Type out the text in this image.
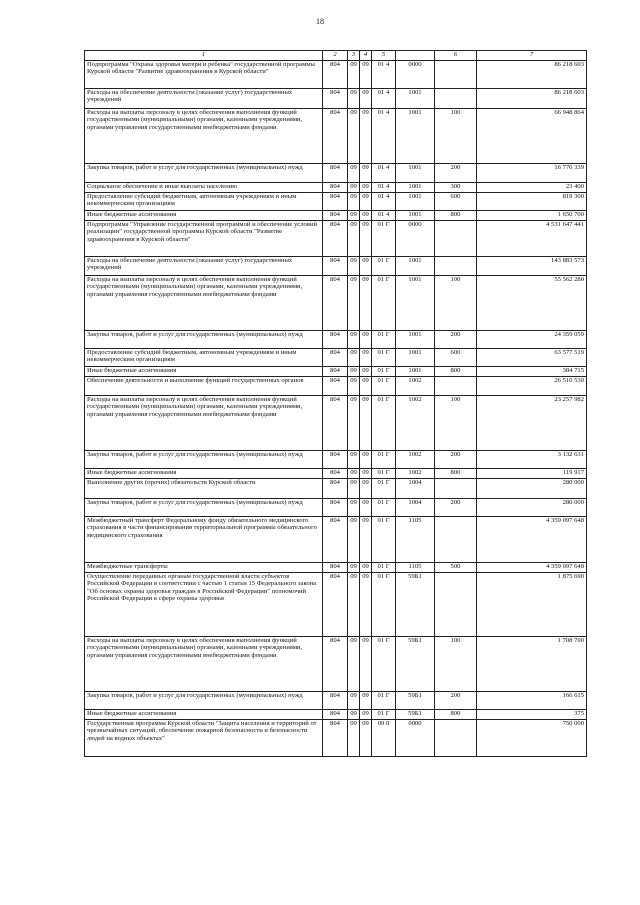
18
1	2	3	4	5		6	7
Подпрограмма "Охрана здоровья матери и ребенка" государственной программы Курской области "Развитие здравоохранения в Курской области"	804	09	09	01 4	0000		86 218 603
Расходы на обеспечение деятельности (оказание услуг) государственных учреждений	804	09	09	01 4	1001		86 218 603
Расходы на выплаты персоналу в целях обеспечения выполнения функций государственными (муниципальными) органами, казенными учреждениями, органами управления государственными внебюджетными фондами	804	09	09	01 4	1001	100	66 948 864
Закупка товаров, работ и услуг для государственных (муниципальных) нужд	804	09	09	01 4	1001	200	16 776 339
Социальное обеспечение и иные выплаты населению	804	09	09	01 4	1001	300	23 400
Предоставление субсидий бюджетным, автономным учреждениям и иным некоммерческим организациям	804	09	09	01 4	1001	600	819 300
Иные бюджетные ассигнования	804	09	09	01 4	1001	800	1 650 700
Подпрограмма "Управление государственной программой и обеспечение условий реализации" государственной программы Курской области "Развитие здравоохранения в Курской области"	804	09	09	01 Г	0000		4 531 647 441
Расходы на обеспечение деятельности (оказание услуг) государственных учреждений	804	09	09	01 Г	1001		143 883 573
Расходы на выплаты персоналу в целях обеспечения выполнения функций государственными (муниципальными) органами, казенными учреждениями, органами управления государственными внебюджетными фондами	804	09	09	01 Г	1001	100	55 562 280
Закупка товаров, работ и услуг для государственных (муниципальных) нужд	804	09	09	01 Г	1001	200	24 359 059
Предоставление субсидий бюджетным, автономным учреждениям и иным некоммерческим организациям	804	09	09	01 Г	1001	600	63 577 519
Иные бюджетные ассигнования	804	09	09	01 Г	1001	800	384 715
Обеспечение деятельности и выполнение функций государственных органов	804	09	09	01 Г	1002		26 510 530
Расходы на выплаты персоналу в целях обеспечения выполнения функций государственными (муниципальными) органами, казенными учреждениями, органами управления государственными внебюджетными фондами	804	09	09	01 Г	1002	100	23 257 982
Закупка товаров, работ и услуг для государственных (муниципальных) нужд	804	09	09	01 Г	1002	200	3 132 631
Иные бюджетные ассигнования	804	09	09	01 Г	1002	800	119 917
Выполнение других (прочих) обязательств Курской области	804	09	09	01 Г	1004		280 000
Закупка товаров, работ и услуг для государственных (муниципальных) нужд	804	09	09	01 Г	1004	200	280 000
Межбюджетный трансферт Федеральному фонду обязательного медицинского страхования в части финансирования территориальной программы обязательного медицинского страхования	804	09	09	01 Г	1105		4 359 097 648
Межбюджетные трансферты	804	09	09	01 Г	1105	500	4 359 097 648
Осуществление переданных органам государственной власти субъектов Российской Федерации в соответствии с частью 1 статьи 15 Федерального закона "Об основах охраны здоровья граждан в Российской Федерации" полномочий Российской Федерации в сфере охраны здоровья	804	09	09	01 Г	59Б1		1 875 690
Расходы на выплаты персоналу в целях обеспечения выполнения функций государственными (муниципальными) органами, казенными учреждениями, органами управления государственными внебюджетными фондами	804	09	09	01 Г	59Б1	100	1 708 700
Закупка товаров, работ и услуг для государственных (муниципальных) нужд	804	09	09	01 Г	59Б1	200	166 615
Иные бюджетные ассигнования	804	09	09	01 Г	59Б1	800	375
Государственная программа Курской области "Защита населения и территорий от чрезвычайных ситуаций, обеспечение пожарной безопасности и безопасности людей на водных объектах"	804	09	09	09 0	0000		750 000
